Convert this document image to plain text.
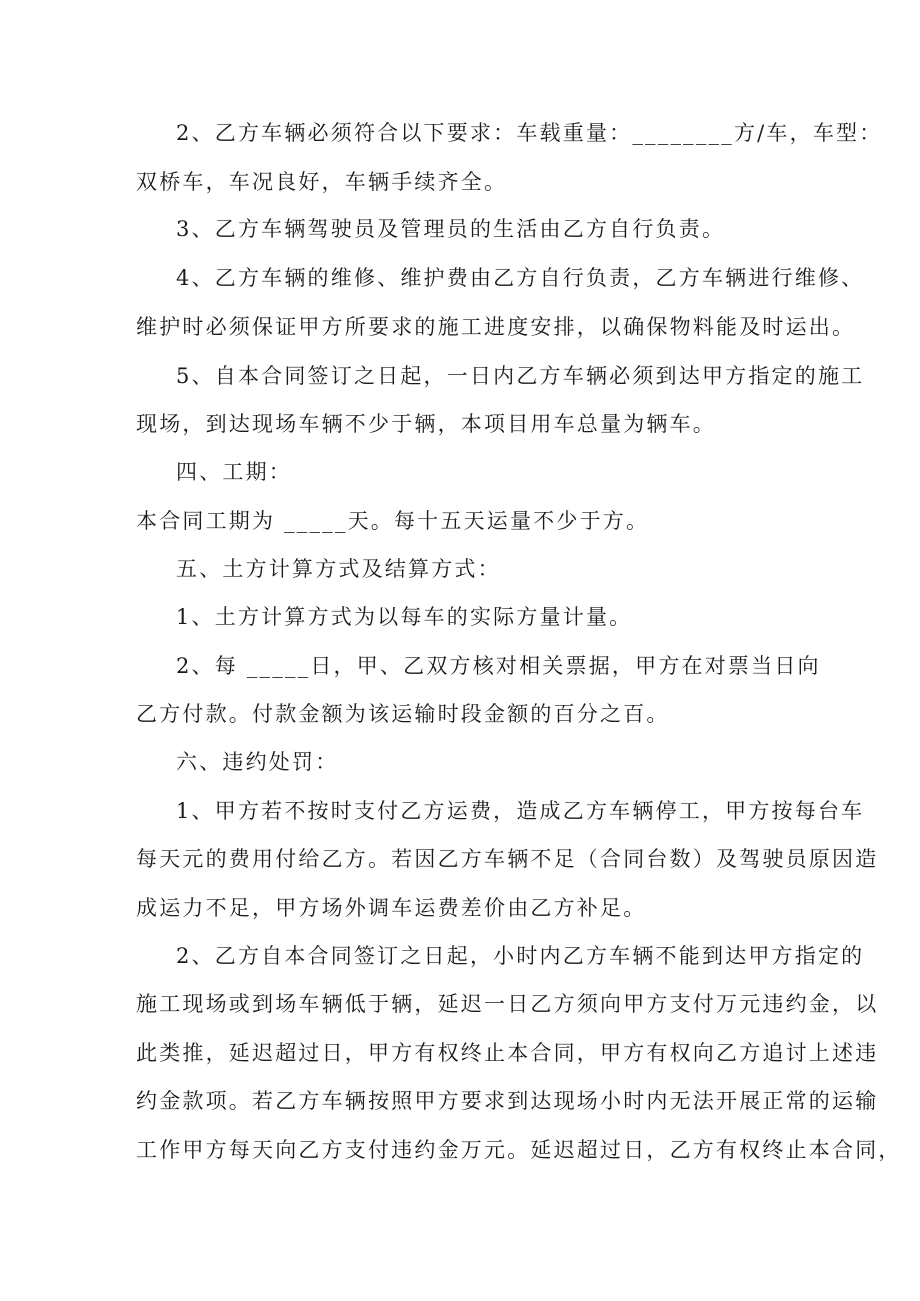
2、乙方车辆必须符合以下要求：车载重量：________方/车，车型：

双桥车，车况良好，车辆手续齐全。

3、乙方车辆驾驶员及管理员的生活由乙方自行负责。

4、乙方车辆的维修、维护费由乙方自行负责，乙方车辆进行维修、

维护时必须保证甲方所要求的施工进度安排，以确保物料能及时运出。

5、自本合同签订之日起，一日内乙方车辆必须到达甲方指定的施工

现场，到达现场车辆不少于辆，本项目用车总量为辆车。

四、工期：

本合同工期为 _____天。每十五天运量不少于方。

五、土方计算方式及结算方式：

1、土方计算方式为以每车的实际方量计量。

2、每 _____日，甲、乙双方核对相关票据，甲方在对票当日向

乙方付款。付款金额为该运输时段金额的百分之百。

六、违约处罚：

1、甲方若不按时支付乙方运费，造成乙方车辆停工，甲方按每台车

每天元的费用付给乙方。若因乙方车辆不足（合同台数）及驾驶员原因造

成运力不足，甲方场外调车运费差价由乙方补足。

2、乙方自本合同签订之日起，小时内乙方车辆不能到达甲方指定的

施工现场或到场车辆低于辆，延迟一日乙方须向甲方支付万元违约金，以

此类推，延迟超过日，甲方有权终止本合同，甲方有权向乙方追讨上述违

约金款项。若乙方车辆按照甲方要求到达现场小时内无法开展正常的运输

工作甲方每天向乙方支付违约金万元。延迟超过日，乙方有权终止本合同，
